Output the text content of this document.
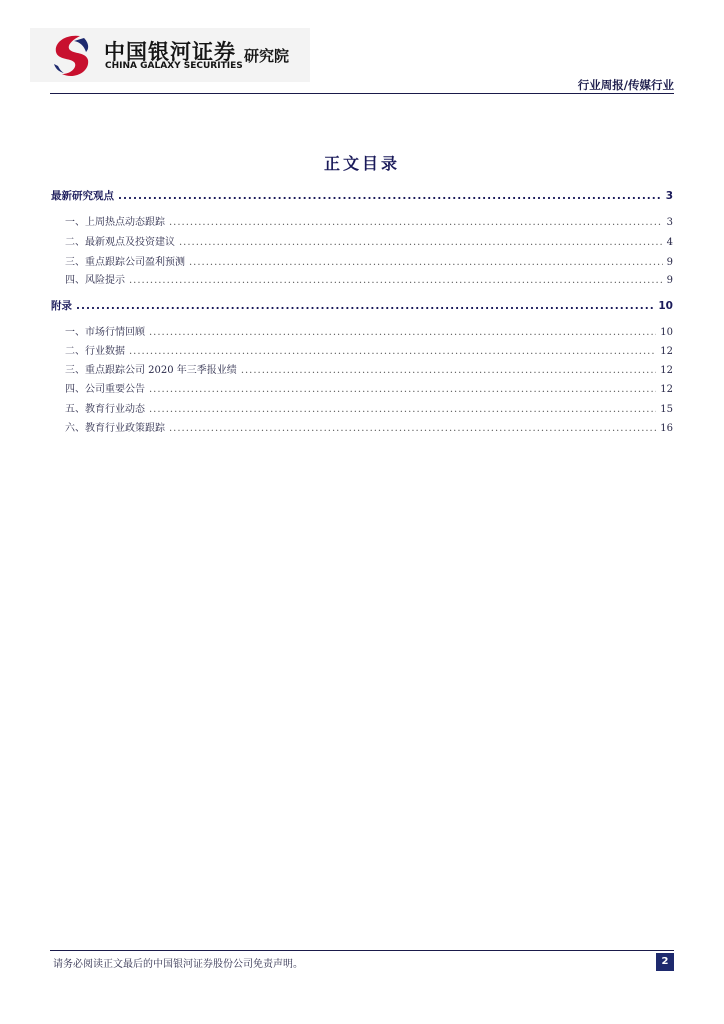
中国银河证券
CHINA GALAXY SECURITIES
研究院
行业周报/传媒行业
正文目录
最新研究观点 .....	3
一、上周热点动态跟踪 .....	3
二、最新观点及投资建议 .....	4
三、重点跟踪公司盈利预测 .....	9
四、风险提示 .....	9
附录 .....	10
一、市场行情回顾 .....	10
二、行业数据 .....	12
三、重点跟踪公司 2020 年三季报业绩 .....	12
四、公司重要公告 .....	12
五、教育行业动态 .....	15
六、教育行业政策跟踪 .....	16
请务必阅读正文最后的中国银河证券股份公司免责声明。	2
